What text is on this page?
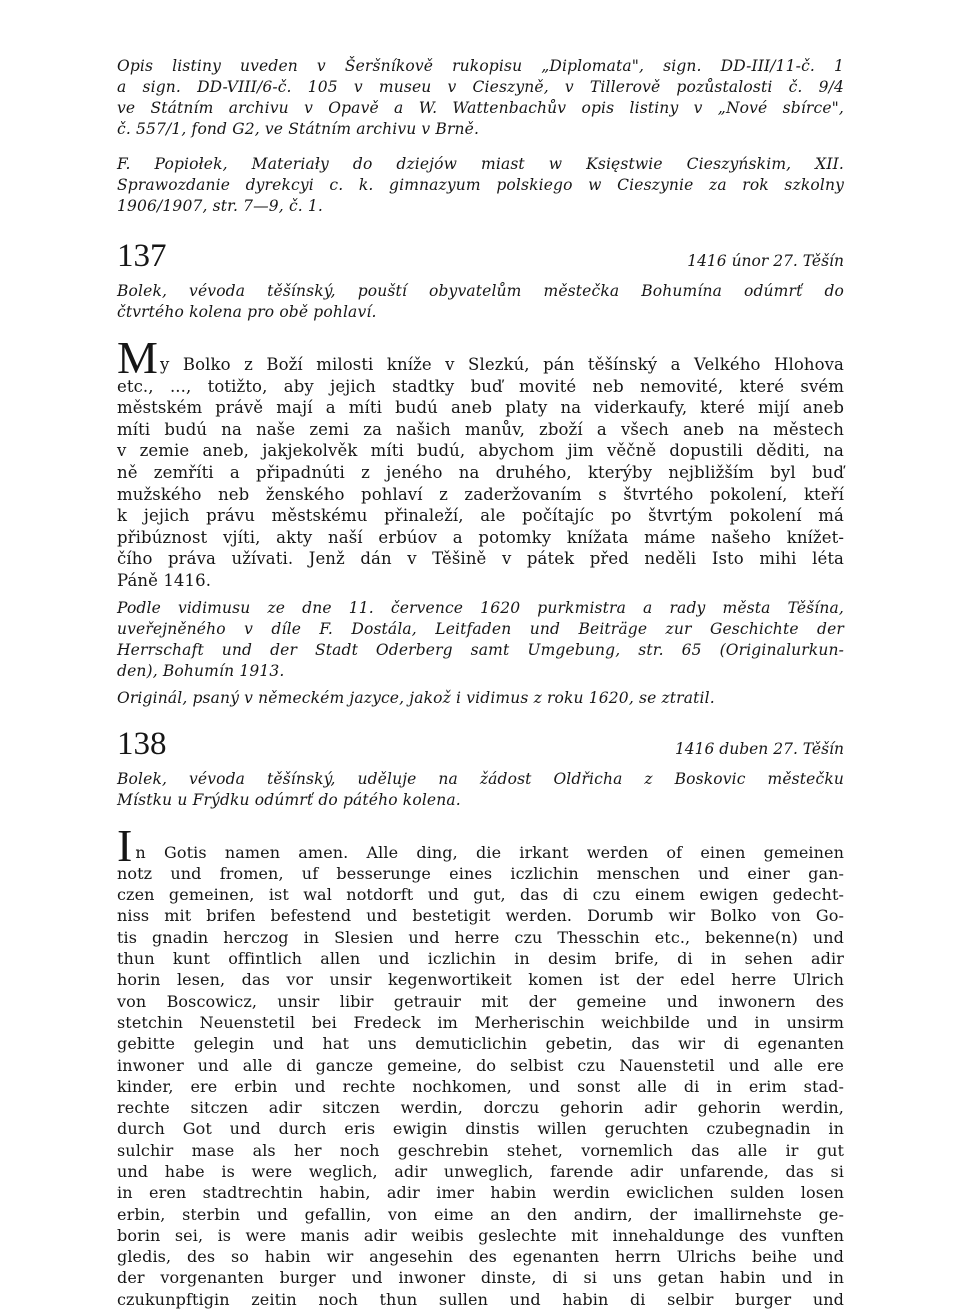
Opis listiny uveden v Šeršníkově rukopisu „Diplomata", sign. DD-III/11-č. 1
a sign. DD-VIII/6-č. 105 v museu v Cieszyně, v Tillerově pozůstalosti č. 9/4
ve Státním archivu v Opavě a W. Wattenbachův opis listiny v „Nové sbírce",
č. 557/1, fond G2, ve Státním archivu v Brně.
F. Popiołek, Materiały do dziejów miast w Księstwie Cieszyńskim, XII.
Sprawozdanie dyrekcyi c. k. gimnazyum polskiego w Cieszynie za rok szkolny
1906/1907, str. 7—9, č. 1.
137	1416 únor 27. Těšín
Bolek, vévoda těšínský, pouští obyvatelům městečka Bohumína odúmrť do
čtvrtého kolena pro obě pohlaví.
M y Bolko z Boží milosti kníže v Slezkú, pán těšínský a Velkého Hlohova
etc., ..., totižto, aby jejich stadtky buď movité neb nemovité, které svém
městském právě mají a míti budú aneb platy na viderkaufy, které mijí aneb
míti budú na naše zemi za našich manův, zboží a všech aneb na městech
v zemie aneb, jakjekolvěk míti budú, abychom jim věčně dopustili děditi, na
ně zemříti a připadnúti z jeného na druhého, kterýby nejbližším byl buď
mužského neb ženského pohlaví z zaderžovaním s štvrtého pokolení, kteří
k jejich právu městskému přinaleží, ale počítajíc po štvrtým pokolení má
přibúznost vjíti, akty naší erbúov a potomky knížata máme našeho knížet-
čího práva užívati. Jenž dán v Těšině v pátek před neděli Isto mihi léta
Páně 1416.
Podle vidimusu ze dne 11. července 1620 purkmistra a rady města Těšína,
uveřejněného v díle F. Dostála, Leitfaden und Beiträge zur Geschichte der
Herrschaft und der Stadt Oderberg samt Umgebung, str. 65 (Originalurkun-
den), Bohumín 1913.
Originál, psaný v německém jazyce, jakož i vidimus z roku 1620, se ztratil.
138	1416 duben 27. Těšín
Bolek, vévoda těšínský, uděluje na žádost Oldřicha z Boskovic městečku
Místku u Frýdku odúmrť do pátého kolena.
I n Gotis namen amen. Alle ding, die irkant werden of einen gemeinen
notz und fromen, uf besserunge eines iczlichin menschen und einer gan-
czen gemeinen, ist wal notdorft und gut, das di czu einem ewigen gedecht-
niss mit brifen befestend und bestetigit werden. Dorumb wir Bolko von Go-
tis gnadin herczog in Slesien und herre czu Thesschin etc., bekenne(n) und
thun kunt offintlich allen und iczlichin in desim brife, di in sehen adir
horin lesen, das vor unsir kegenwortikeit komen ist der edel herre Ulrich
von Boscowicz, unsir libir getrauir mit der gemeine und inwonern des
stetchin Neuenstetil bei Fredeck im Merherischin weichbilde und in unsirm
gebitte gelegin und hat uns demuticlichin gebetin, das wir di egenanten
inwoner und alle di gancze gemeine, do selbist czu Nauenstetil und alle ere
kinder, ere erbin und rechte nochkomen, und sonst alle di in erim stad-
rechte sitczen adir sitczen werdin, dorczu gehorin adir gehorin werdin,
durch Got und durch eris ewigin dinstis willen geruchten czubegnadin in
sulchir mase als her noch geschrebin stehet, vornemlich das alle ir gut
und habe is were weglich, adir unweglich, farende adir unfarende, das si
in eren stadtrechtin habin, adir imer habin werdin ewiclichen sulden losen
erbin, sterbin und gefallin, von eime an den andirn, der imallirnehste ge-
borin sei, is were manis adir weibis geslechte mit innehaldunge des vunften
gledis, des so habin wir angesehin des egenanten herrn Ulrichs beihe und
der vorgenanten burger und inwoner dinste, di si uns getan habin und in
czukunpftigin zeitin noch thun sullen und habin di selbir burger und
